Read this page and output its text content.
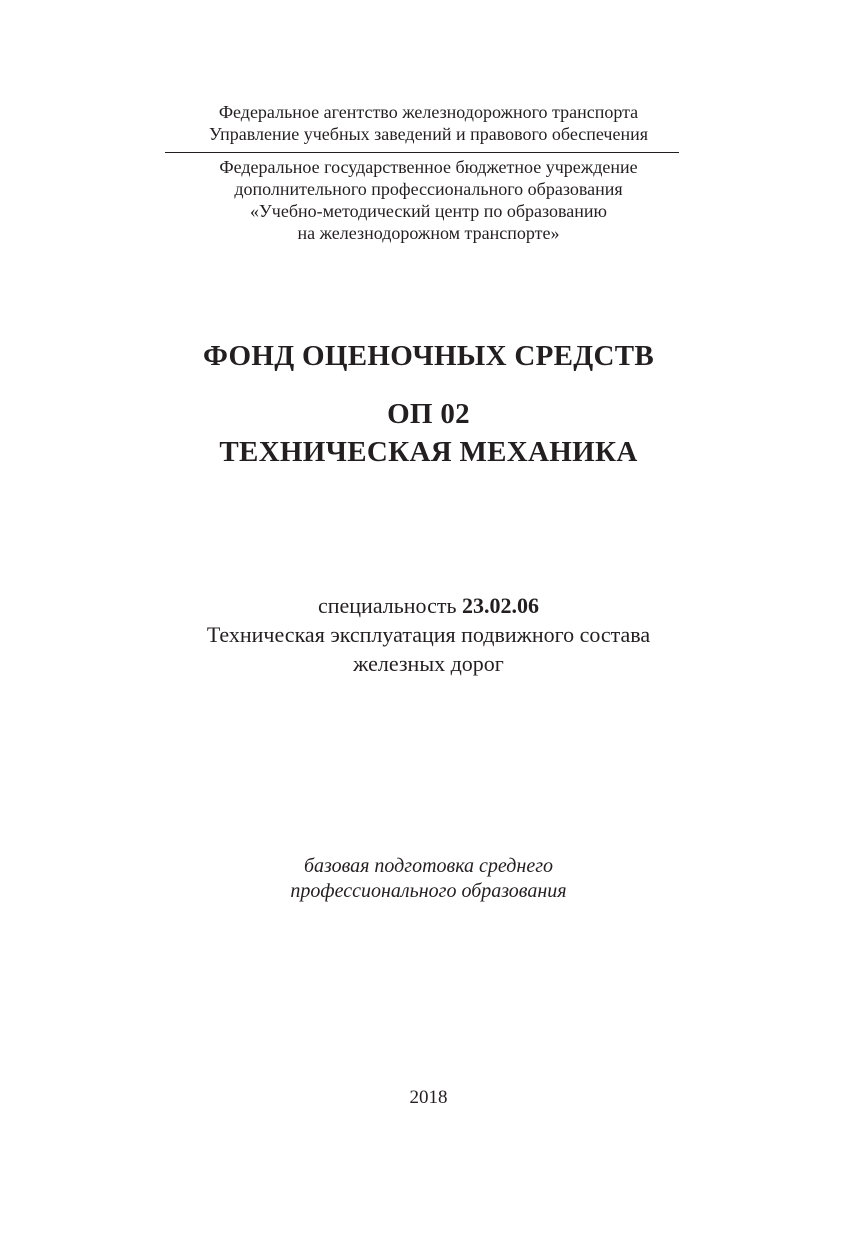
Федеральное агентство железнодорожного транспорта
Управление учебных заведений и правового обеспечения
Федеральное государственное бюджетное учреждение
дополнительного профессионального образования
«Учебно-методический центр по образованию
на железнодорожном транспорте»
ФОНД ОЦЕНОЧНЫХ СРЕДСТВ
ОП 02
ТЕХНИЧЕСКАЯ МЕХАНИКА
специальность 23.02.06
Техническая эксплуатация подвижного состава
железных дорог
базовая подготовка среднего
профессионального образования
2018
